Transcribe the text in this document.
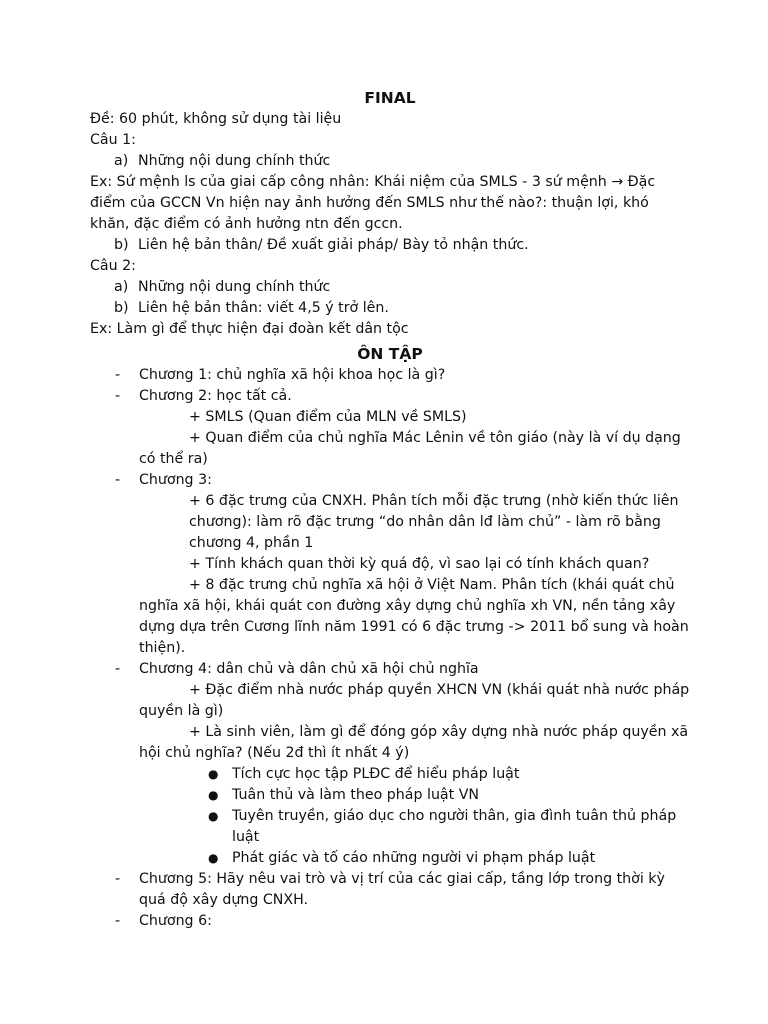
FINAL
Đề: 60 phút, không sử dụng tài liệu
Câu 1:
a) Những nội dung chính thức
Ex: Sứ mệnh ls của giai cấp công nhân: Khái niệm của SMLS - 3 sứ mệnh → Đặc điểm của GCCN Vn hiện nay ảnh hưởng đến SMLS như thế nào?: thuận lợi, khó khăn, đặc điểm có ảnh hưởng ntn đến gccn.
b) Liên hệ bản thân/ Đề xuất giải pháp/ Bày tỏ nhận thức.
Câu 2:
a) Những nội dung chính thức
b) Liên hệ bản thân: viết 4,5 ý trở lên.
Ex: Làm gì để thực hiện đại đoàn kết dân tộc
ÔN TẬP
- Chương 1: chủ nghĩa xã hội khoa học là gì?
- Chương 2: học tất cả.
+ SMLS (Quan điểm của MLN về SMLS)
+ Quan điểm của chủ nghĩa Mác Lênin về tôn giáo (này là ví dụ dạng có thể ra)
- Chương 3:
+ 6 đặc trưng của CNXH. Phân tích mỗi đặc trưng (nhờ kiến thức liên chương): làm rõ đặc trưng “do nhân dân lđ làm chủ” - làm rõ bằng chương 4, phần 1
+ Tính khách quan thời kỳ quá độ, vì sao lại có tính khách quan?
+ 8 đặc trưng chủ nghĩa xã hội ở Việt Nam. Phân tích (khái quát chủ nghĩa xã hội, khái quát con đường xây dựng chủ nghĩa xh VN, nền tảng xây dựng dựa trên Cương lĩnh năm 1991 có 6 đặc trưng -> 2011 bổ sung và hoàn thiện).
- Chương 4: dân chủ và dân chủ xã hội chủ nghĩa
+ Đặc điểm nhà nước pháp quyền XHCN VN (khái quát nhà nước pháp quyền là gì)
+ Là sinh viên, làm gì để đóng góp xây dựng nhà nước pháp quyền xã hội chủ nghĩa? (Nếu 2đ thì ít nhất 4 ý)
● Tích cực học tập PLĐC để hiểu pháp luật
● Tuân thủ và làm theo pháp luật VN
● Tuyên truyền, giáo dục cho người thân, gia đình tuân thủ pháp luật
● Phát giác và tố cáo những người vi phạm pháp luật
- Chương 5: Hãy nêu vai trò và vị trí của các giai cấp, tầng lớp trong thời kỳ quá độ xây dựng CNXH.
- Chương 6:
